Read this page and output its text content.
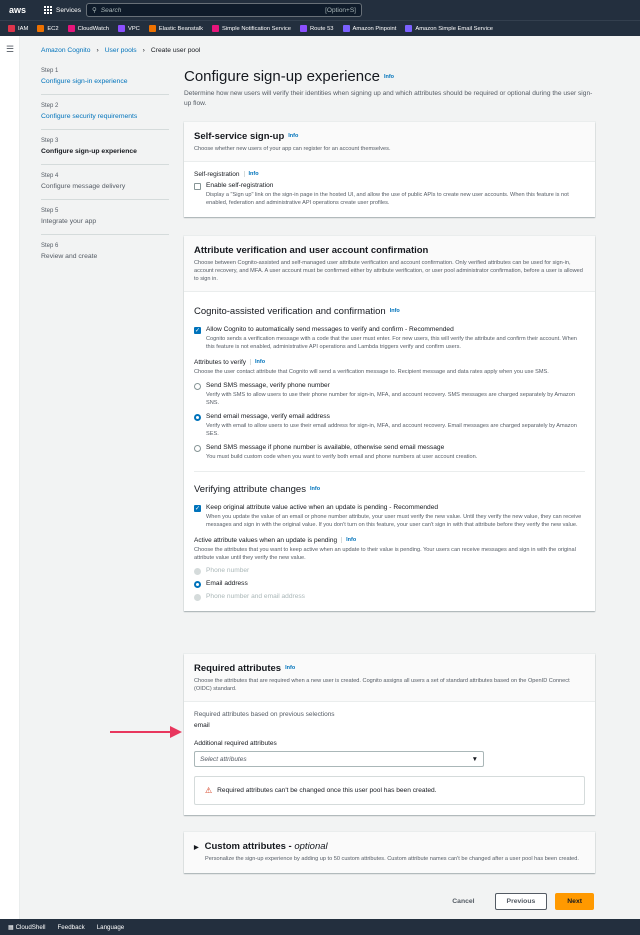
aws	Services ⚲
Search	[Option+S]
IAM	EC2	CloudWatch	VPC	Elastic Beanstalk	Simple Notification Service	Route 53	Amazon Pinpoint	Amazon Simple Email Service
☰	Amazon Cognito › User pools › Create user pool
Step 1
Configure sign-in experience
Step 2
Configure security requirements
Step 3
Configure sign-up experience
Step 4
Configure message delivery
Step 5
Integrate your app
Step 6
Review and create
Configure sign-up experience Info

Determine how new users will verify their identities when signing up and which attributes should be required or optional during the user sign-up flow.

Self-service sign-up Info

Choose whether new users of your app can register for an account themselves.

Self-registration Info
Enable self-registration
Display a "Sign up" link on the sign-in page in the hosted UI, and allow the use of public APIs to create new user accounts. When this feature is not enabled, federation and administrative API operations create user profiles.
Attribute verification and user account confirmation

Choose between Cognito-assisted and self-managed user attribute verification and account confirmation. Only verified attributes can be used for sign-in, account recovery, and MFA. A user account must be confirmed either by attribute verification, or user pool administrator confirmation, before a user is allowed to sign in.

Cognito-assisted verification and confirmation Info
✓ Allow Cognito to automatically send messages to verify and confirm - Recommended
Cognito sends a verification message with a code that the user must enter. For new users, this will verify the attribute and confirm their account. When this feature is not enabled, administrative API operations and Lambda triggers verify and confirm users.
Attributes to verify Info
Choose the user contact attribute that Cognito will send a verification message to. Recipient message and data rates apply when you use SMS.
Send SMS message, verify phone number
Verify with SMS to allow users to use their phone number for sign-in, MFA, and account recovery. SMS messages are charged separately by Amazon SNS.
Send email message, verify email address
Verify with email to allow users to use their email address for sign-in, MFA, and account recovery. Email messages are charged separately by Amazon SES.
Send SMS message if phone number is available, otherwise send email message
You must build custom code when you want to verify both email and phone numbers at user account creation.
Verifying attribute changes Info
✓ Keep original attribute value active when an update is pending - Recommended
When you update the value of an email or phone number attribute, your user must verify the new value. Until they verify the new value, they can receive messages and sign in with the original value. If you don't turn on this feature, your user can't sign in with that attribute before they verify the new value.
Active attribute values when an update is pending Info
Choose the attributes that you want to keep active when an update to their value is pending. Your users can receive messages and sign in with the original attribute value until they verify the new value.
Phone number
Email address
Phone number and email address
Required attributes Info

Choose the attributes that are required when a new user is created. Cognito assigns all users a set of standard attributes based on the OpenID Connect (OIDC) standard.

Required attributes based on previous selections
email
Additional required attributes
Select attributes	▼
⚠ Required attributes can't be changed once this user pool has been created.
▶ Custom attributes - optional

Personalize the sign-up experience by adding up to 50 custom attributes. Custom attribute names can't be changed after a user pool has been created.

Cancel	Previous	Next
▦ CloudShell Feedback Language
